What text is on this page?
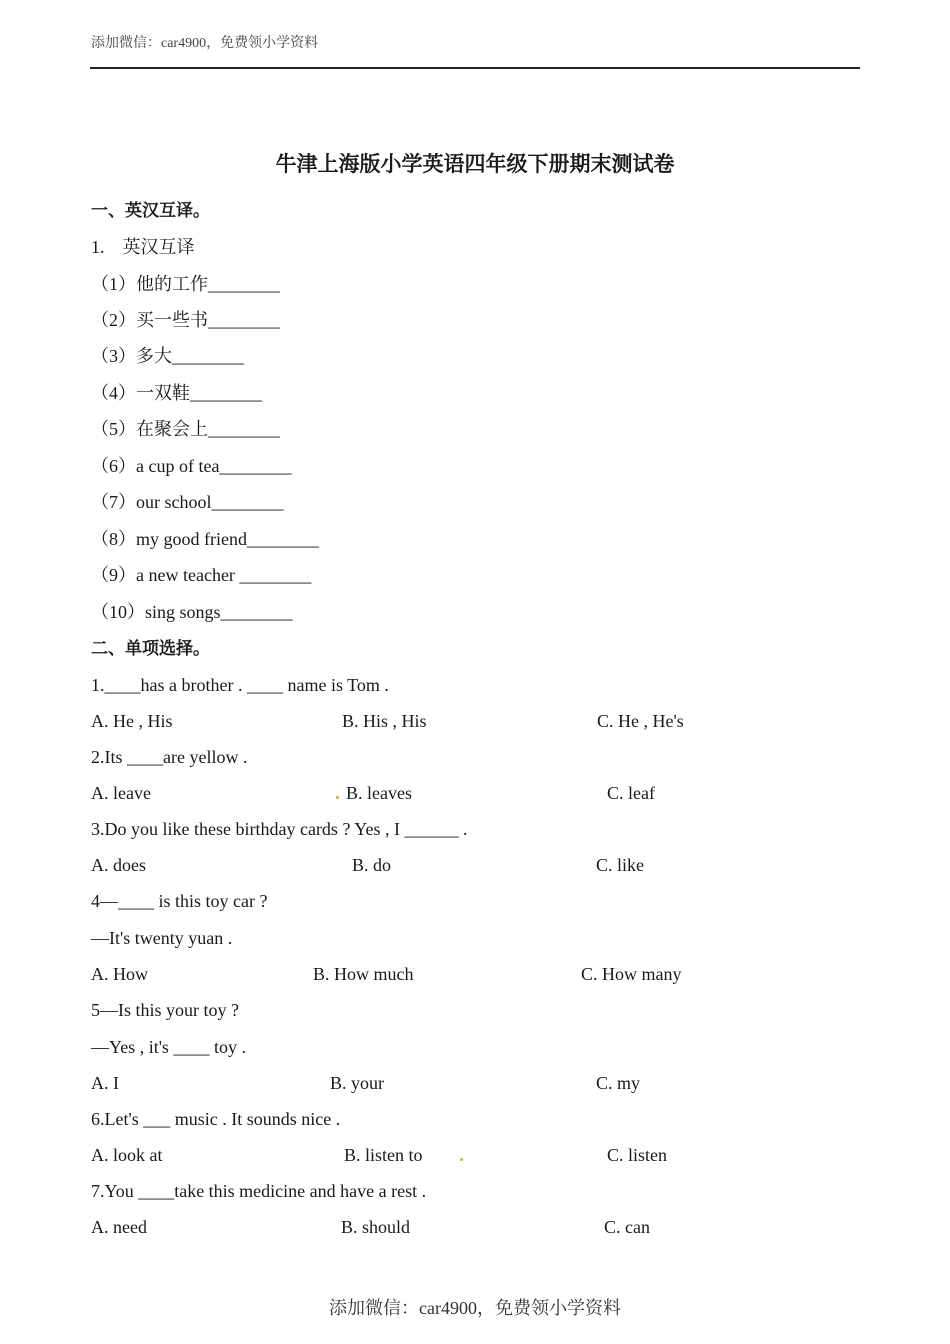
添加微信：car4900，免费领小学资料
牛津上海版小学英语四年级下册期末测试卷
一、英汉互译。
1.　英汉互译
（1）他的工作________
（2）买一些书________
（3）多大________
（4）一双鞋________
（5）在聚会上________
（6）a cup of tea________
（7）our school________
（8）my good friend________
（9）a new teacher ________
（10）sing songs________
二、单项选择。
1.____has a brother . ____ name is Tom .
A. He , His	B. His , His	C. He , He's
2.Its ____are yellow .
A. leave	B. leaves	C. leaf
3.Do you like these birthday cards ? Yes , I ______ .
A. does	B. do	C. like
4—____ is this toy car ?
—It's twenty yuan .
A. How	B. How much	C. How many
5—Is this your toy ?
—Yes , it's ____ toy .
A. I	B. your	C. my
6.Let's ___ music . It sounds nice .
A. look at	B. listen to	C. listen
7.You ____take this medicine and have a rest .
A. need	B. should	C. can
添加微信：car4900，免费领小学资料
